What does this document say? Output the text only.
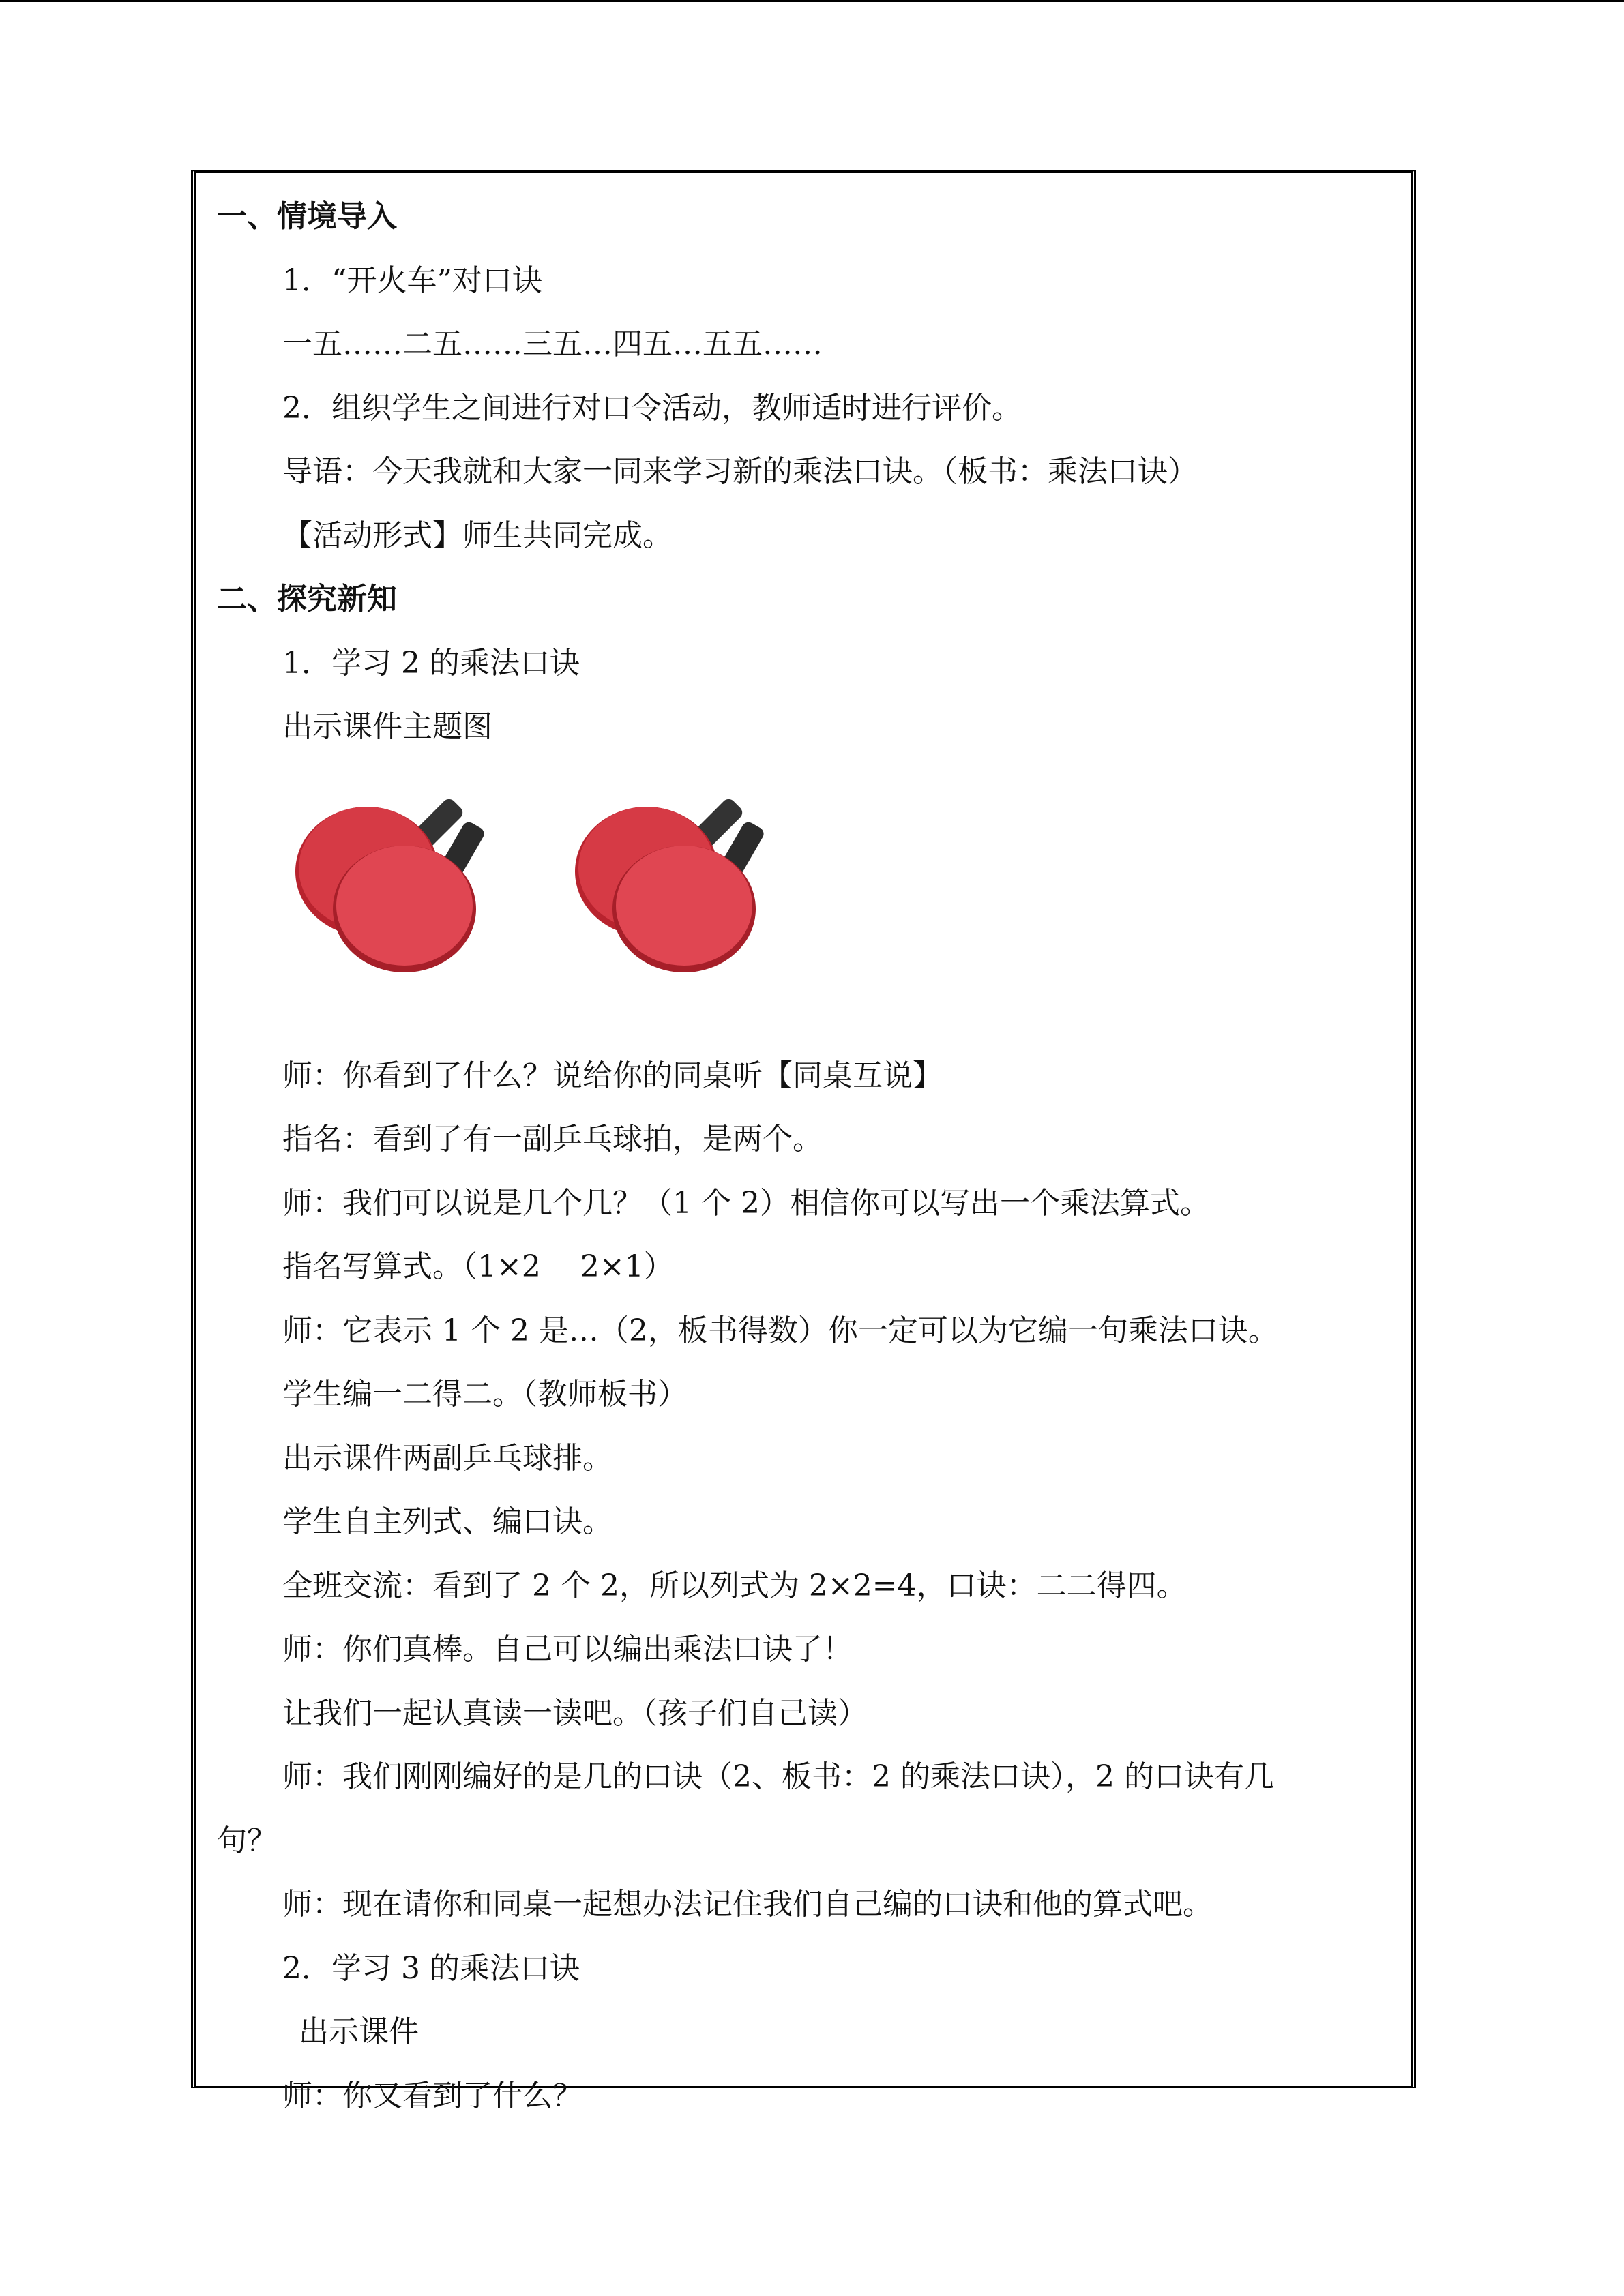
一、情境导入
1．“开火车”对口诀
一五……二五……三五…四五…五五……
2．组织学生之间进行对口令活动，教师适时进行评价。
导语：今天我就和大家一同来学习新的乘法口诀。（板书：乘法口诀）
【活动形式】师生共同完成。
二、探究新知
1．学习 2 的乘法口诀
出示课件主题图
师：你看到了什么？说给你的同桌听【同桌互说】
指名：看到了有一副乒乓球拍，是两个。
师：我们可以说是几个几？（1 个 2）相信你可以写出一个乘法算式。
指名写算式。（1×2　 2×1）
师：它表示 1 个 2 是…（2，板书得数）你一定可以为它编一句乘法口诀。
学生编一二得二。（教师板书）
出示课件两副乒乓球排。
学生自主列式、编口诀。
全班交流：看到了 2 个 2，所以列式为 2×2=4，口诀：二二得四。
师：你们真棒。自己可以编出乘法口诀了！
让我们一起认真读一读吧。（孩子们自己读）
师：我们刚刚编好的是几的口诀（2、板书：2 的乘法口诀），2 的口诀有几
句？
师：现在请你和同桌一起想办法记住我们自己编的口诀和他的算式吧。
2．学习 3 的乘法口诀
出示课件
师：你又看到了什么？
